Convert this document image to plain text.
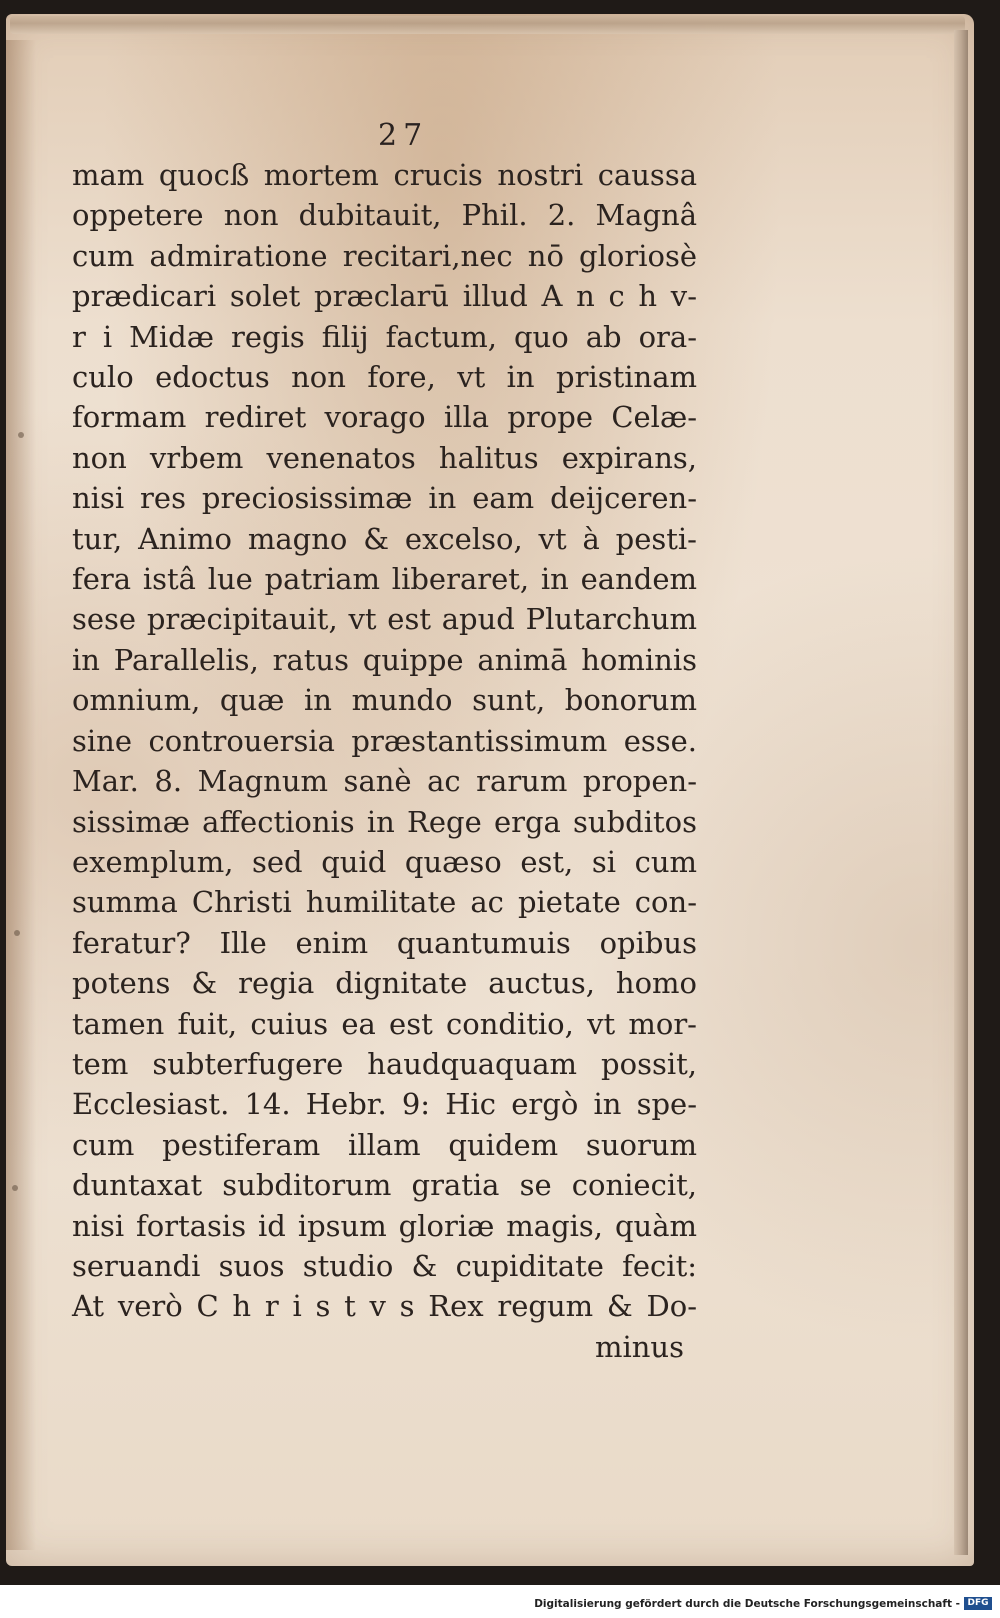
27
mam quocß mortem crucis nostri caussa
oppetere non dubitauit, Phil. 2. Magnâ
cum admiratione recitari,nec nō gloriosè
prædicari solet præclarū illud A n c h v-
r i Midæ regis filij factum, quo ab ora-
culo edoctus non fore, vt in pristinam
formam rediret vorago illa prope Celæ-
non vrbem venenatos halitus expirans,
nisi res preciosissimæ in eam deijceren-
tur, Animo magno & excelso, vt à pesti-
fera istâ lue patriam liberaret, in eandem
sese præcipitauit, vt est apud Plutarchum
in Parallelis, ratus quippe animā hominis
omnium, quæ in mundo sunt, bonorum
sine controuersia præstantissimum esse.
Mar. 8. Magnum sanè ac rarum propen-
sissimæ affectionis in Rege erga subditos
exemplum, sed quid quæso est, si cum
summa Christi humilitate ac pietate con-
feratur? Ille enim quantumuis opibus
potens & regia dignitate auctus, homo
tamen fuit, cuius ea est conditio, vt mor-
tem subterfugere haudquaquam possit,
Ecclesiast. 14. Hebr. 9: Hic ergò in spe-
cum pestiferam illam quidem suorum
duntaxat subditorum gratia se coniecit,
nisi fortasis id ipsum gloriæ magis, quàm
seruandi suos studio & cupiditate fecit:
At verò C h r i s t v s Rex regum & Do-
minus
Digitalisierung gefördert durch die Deutsche Forschungsgemeinschaft - DFG
